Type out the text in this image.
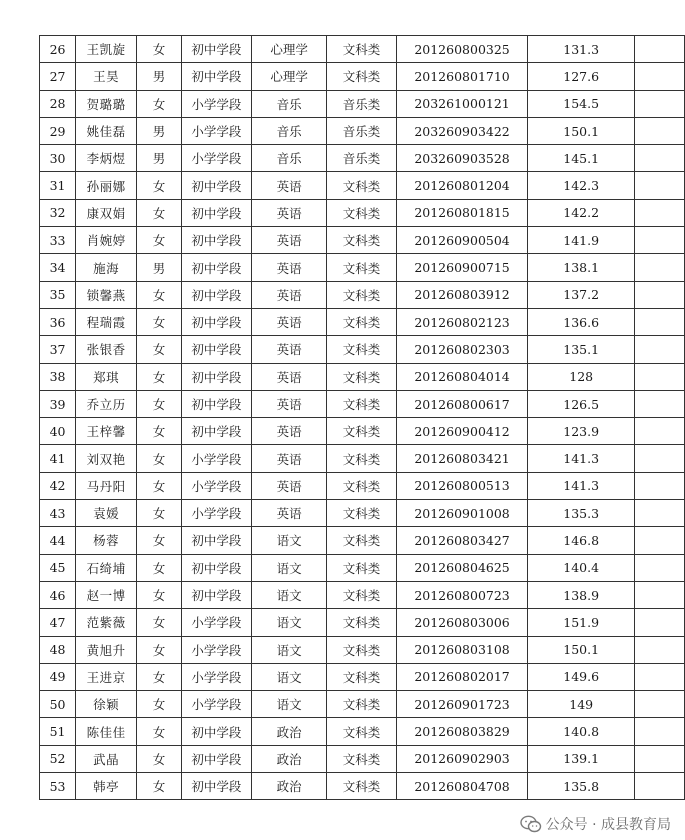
26	王凯旋	女	初中学段	心理学	文科类	201260800325	131.3	
27	王昊	男	初中学段	心理学	文科类	201260801710	127.6	
28	贺璐璐	女	小学学段	音乐	音乐类	203261000121	154.5	
29	姚佳磊	男	小学学段	音乐	音乐类	203260903422	150.1	
30	李炳煜	男	小学学段	音乐	音乐类	203260903528	145.1	
31	孙丽娜	女	初中学段	英语	文科类	201260801204	142.3	
32	康双娟	女	初中学段	英语	文科类	201260801815	142.2	
33	肖婉婷	女	初中学段	英语	文科类	201260900504	141.9	
34	施海	男	初中学段	英语	文科类	201260900715	138.1	
35	锁馨燕	女	初中学段	英语	文科类	201260803912	137.2	
36	程瑞霞	女	初中学段	英语	文科类	201260802123	136.6	
37	张银香	女	初中学段	英语	文科类	201260802303	135.1	
38	郑琪	女	初中学段	英语	文科类	201260804014	128	
39	乔立历	女	初中学段	英语	文科类	201260800617	126.5	
40	王梓馨	女	初中学段	英语	文科类	201260900412	123.9	
41	刘双艳	女	小学学段	英语	文科类	201260803421	141.3	
42	马丹阳	女	小学学段	英语	文科类	201260800513	141.3	
43	袁媛	女	小学学段	英语	文科类	201260901008	135.3	
44	杨蓉	女	初中学段	语文	文科类	201260803427	146.8	
45	石绮埔	女	初中学段	语文	文科类	201260804625	140.4	
46	赵一博	女	初中学段	语文	文科类	201260800723	138.9	
47	范紫薇	女	小学学段	语文	文科类	201260803006	151.9	
48	黄旭升	女	小学学段	语文	文科类	201260803108	150.1	
49	王进京	女	小学学段	语文	文科类	201260802017	149.6	
50	徐颖	女	小学学段	语文	文科类	201260901723	149	
51	陈佳佳	女	初中学段	政治	文科类	201260803829	140.8	
52	武晶	女	初中学段	政治	文科类	201260902903	139.1	
53	韩亭	女	初中学段	政治	文科类	201260804708	135.8	
公众号 · 成县教育局
